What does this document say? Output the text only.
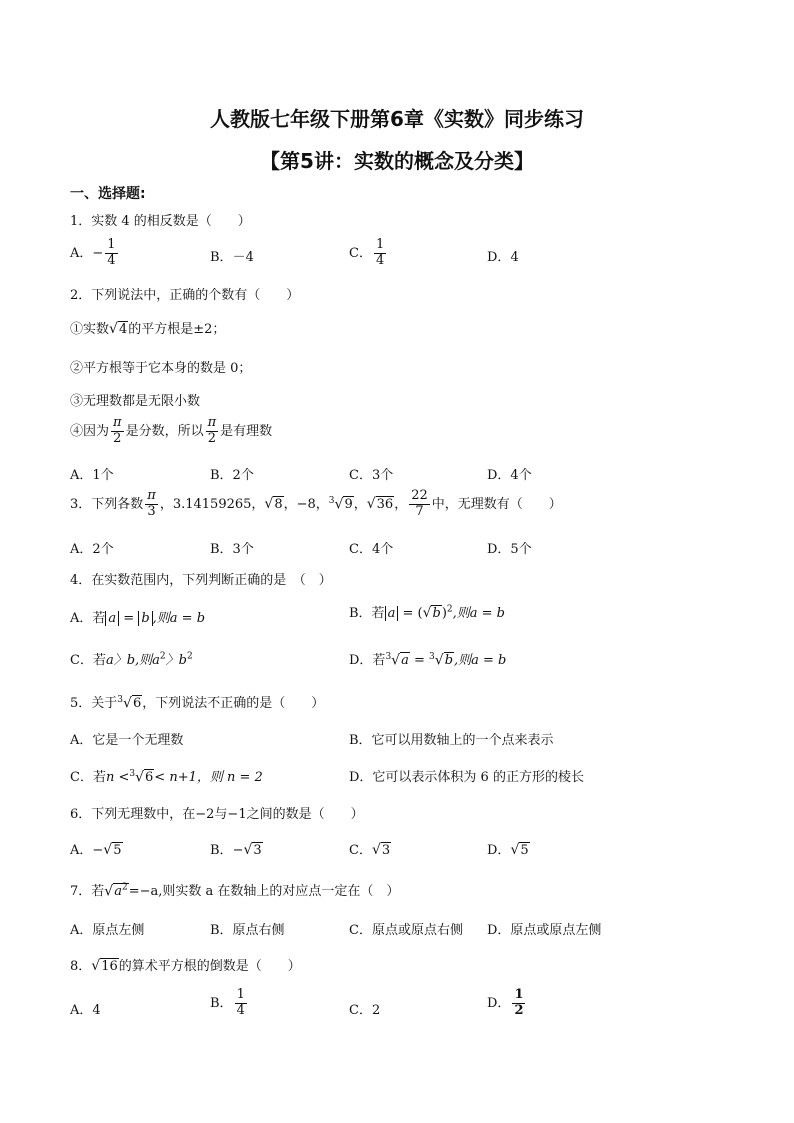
人教版七年级下册第6章《实数》同步练习
【第5讲：实数的概念及分类】
一、选择题:
1．实数 4 的相反数是（　　）
A．− $\frac{1}{4}$	B．－4	C． $\frac{1}{4}$	D．4
2．下列说法中，正确的个数有（　　）
①实数√4的平方根是±2；
②平方根等于它本身的数是 0；
③无理数都是无限小数
④因为 $\frac{\pi}{2}$ 是分数，所以 $\frac{\pi}{2}$ 是有理数
A．1个	B．2个	C．3个	D．4个
3．下列各数 $\frac{\pi}{3}$ ，3.14159265，√8，−8，$^3$√9，√36， $\frac{22}{7}$ 中，无理数有（　　）
A．2个	B．3个	C．4个	D．5个
4．在实数范围内，下列判断正确的是　（　）
A．若 a = b ,则a = b	B．若 $a = (√b)^2$,则a = b
C．若a〉b,则$a^2$〉$b^2$	D．若$^3$√a = $^3$√b,则a = b
5．关于$^3$√6，下列说法不正确的是（　　）
A．它是一个无理数	B．它可以用数轴上的一个点来表示
C．若n <$^3$√6< n+1，则 n = 2	D．它可以表示体积为 6 的正方形的棱长
6．下列无理数中，在−2与−1之间的数是（　　）
A．−√5	B．−√3	C．√3	D．√5
7．若$√a^2=-a$,则实数 a 在数轴上的对应点一定在（　）
A．原点左侧	B．原点右侧	C．原点或原点右侧 D．原点或原点左侧
8．√16的算术平方根的倒数是（　　）
A．4	B． $\frac{1}{4}$	C．2	D． $\frac{1}{2}$
